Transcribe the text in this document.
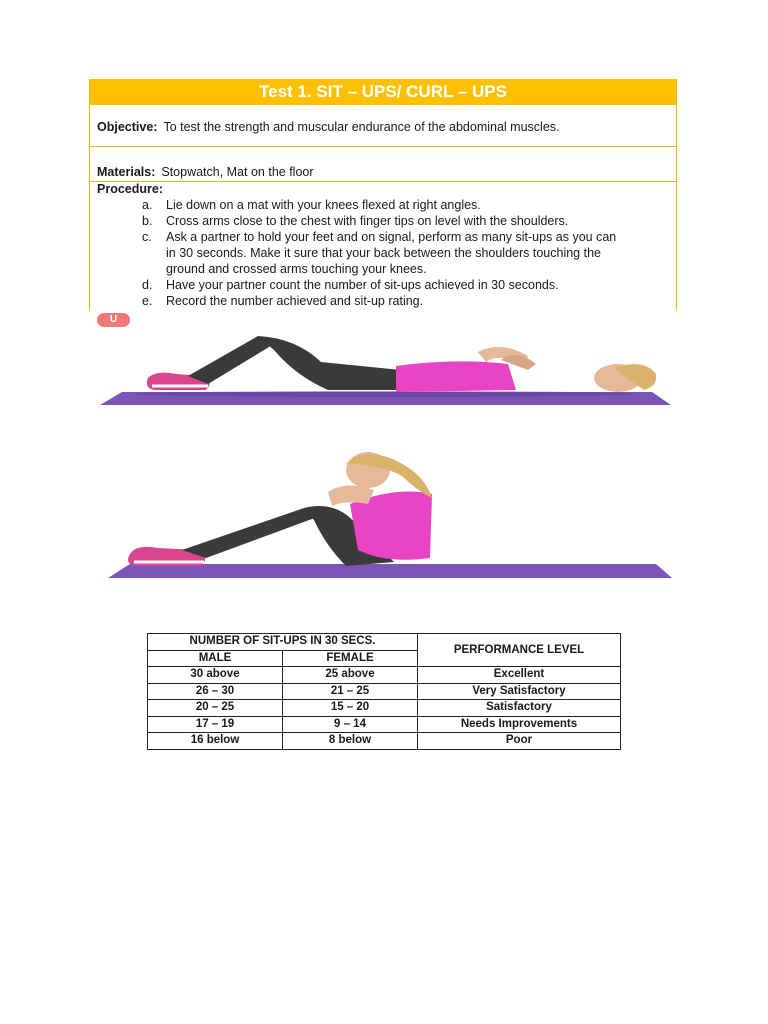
Test 1. SIT – UPS/ CURL – UPS
Objective: To test the strength and muscular endurance of the abdominal muscles.
Materials: Stopwatch, Mat on the floor
Procedure:
a. Lie down on a mat with your knees flexed at right angles.
b. Cross arms close to the chest with finger tips on level with the shoulders.
c. Ask a partner to hold your feet and on signal, perform as many sit-ups as you can
in 30 seconds. Make it sure that your back between the shoulders touching the
ground and crossed arms touching your knees.
d. Have your partner count the number of sit-ups achieved in 30 seconds.
e. Record the number achieved and sit-up rating.
U
NUMBER OF SIT-UPS IN 30 SECS.		PERFORMANCE LEVEL
MALE	FEMALE	
30 above	25 above	Excellent
26 – 30	21 – 25	Very Satisfactory
20 – 25	15 – 20	Satisfactory
17 – 19	9 – 14	Needs Improvements
16 below	8 below	Poor
